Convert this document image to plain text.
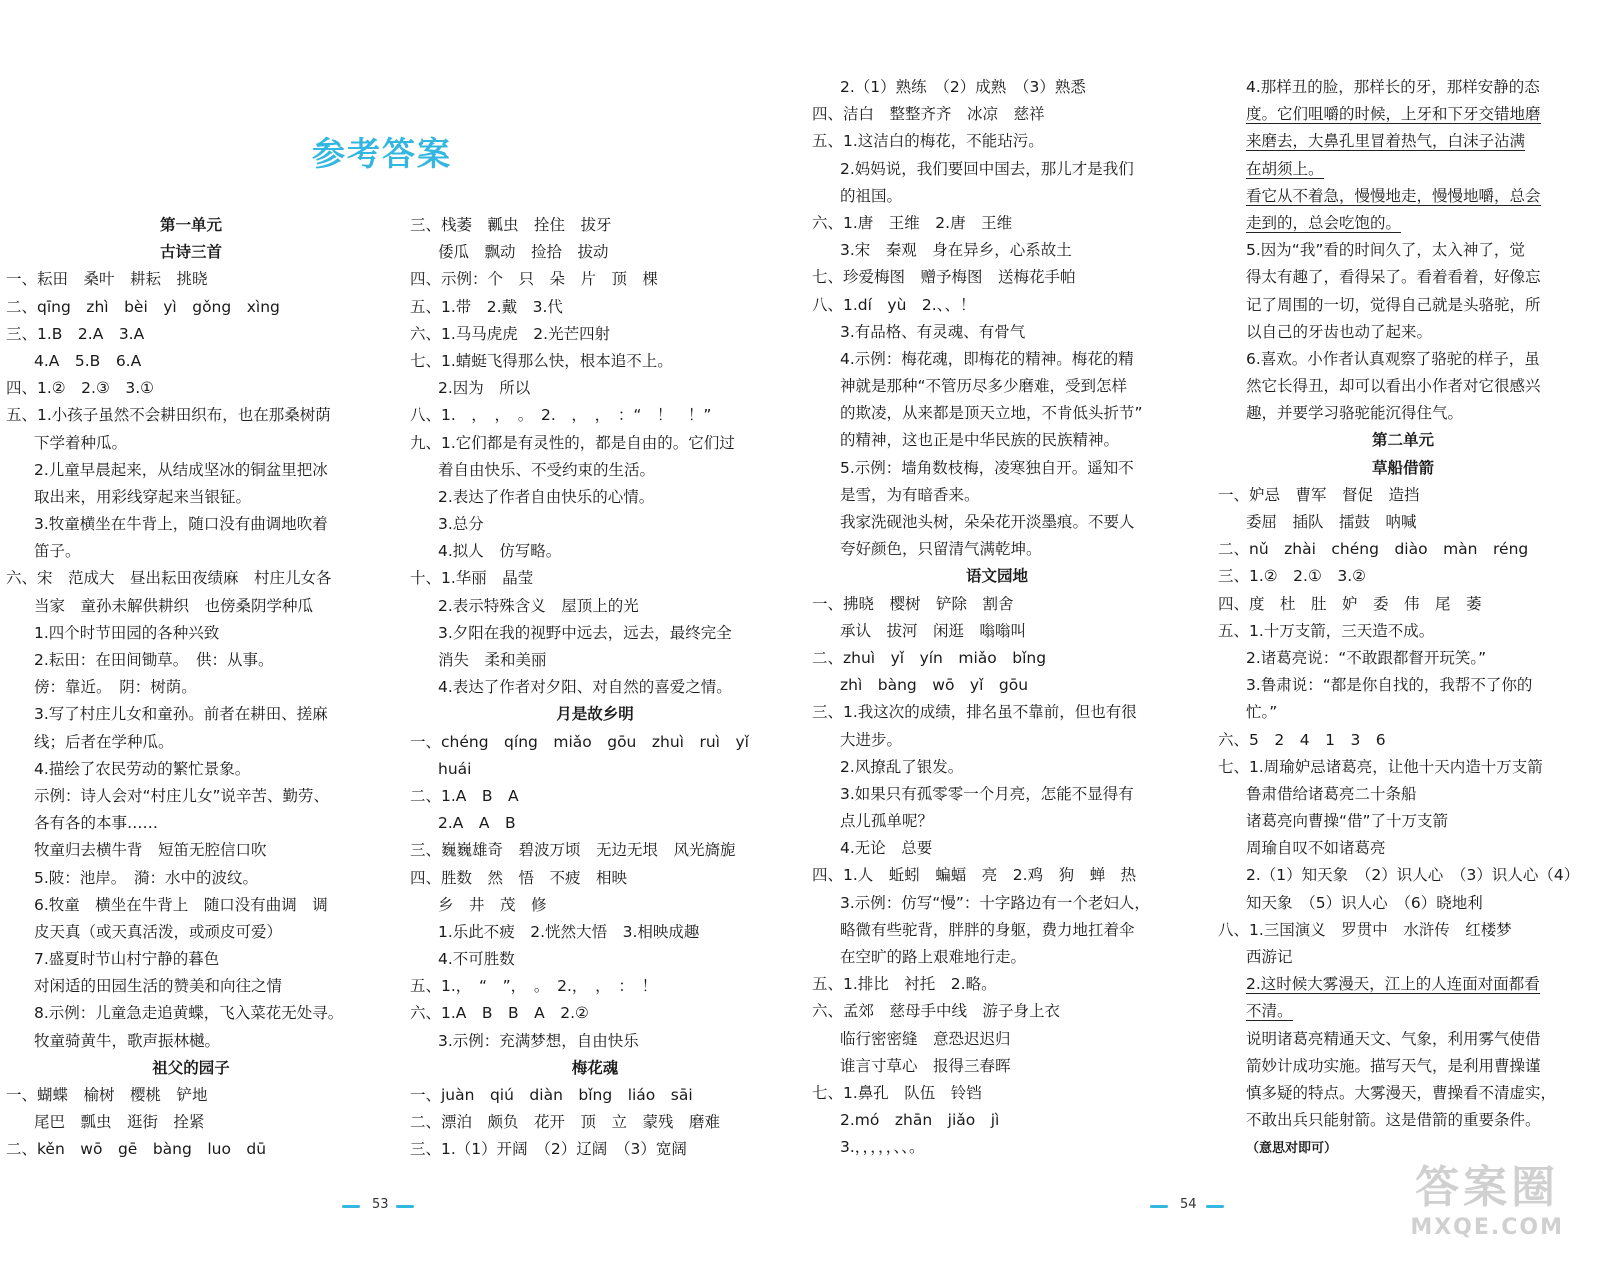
参考答案
第一单元
古诗三首
一、耘田　桑叶　耕耘　挑晓
二、qīng　zhì　bèi　yì　gǒng　xìng
三、1.B　2.A　3.A
4.A　5.B　6.A
四、1.②　2.③　3.①
五、1.小孩子虽然不会耕田织布，也在那桑树荫
下学着种瓜。
2.儿童早晨起来，从结成坚冰的铜盆里把冰
取出来，用彩线穿起来当银钲。
3.牧童横坐在牛背上，随口没有曲调地吹着
笛子。
六、宋　范成大　昼出耘田夜绩麻　村庄儿女各
当家　童孙未解供耕织　也傍桑阴学种瓜
1.四个时节田园的各种兴致
2.耘田：在田间锄草。　供：从事。
傍：靠近。　阴：树荫。
3.写了村庄儿女和童孙。前者在耕田、搓麻
线；后者在学种瓜。
4.描绘了农民劳动的繁忙景象。
示例：诗人会对“村庄儿女”说辛苦、勤劳、
各有各的本事……
牧童归去横牛背　短笛无腔信口吹
5.陂：池岸。　漪：水中的波纹。
6.牧童　横坐在牛背上　随口没有曲调　调
皮天真（或天真活泼，或顽皮可爱）
7.盛夏时节山村宁静的暮色
对闲适的田园生活的赞美和向往之情
8.示例：儿童急走追黄蝶，飞入菜花无处寻。
牧童骑黄牛，歌声振林樾。
祖父的园子
一、蝴蝶　榆树　樱桃　铲地
尾巴　瓢虫　逛街　拴紧
二、kěn　wō　gē　bàng　luo　dū
三、栈萎　瓤虫　拴住　拔牙
倭瓜　飘动　捡拾　拔动
四、示例：个　只　朵　片　顶　棵
五、1.带　2.戴　3.代
六、1.马马虎虎　2.光芒四射
七、1.蜻蜓飞得那么快，根本追不上。
2.因为　所以
八、1.　，　，　。　2.　，　，　：“　！　！”
九、1.它们都是有灵性的，都是自由的。它们过
着自由快乐、不受约束的生活。
2.表达了作者自由快乐的心情。
3.总分
4.拟人　仿写略。
十、1.华丽　晶莹
2.表示特殊含义　屋顶上的光
3.夕阳在我的视野中远去，远去，最终完全
消失　柔和美丽
4.表达了作者对夕阳、对自然的喜爱之情。
月是故乡明
一、chéng　qíng　miǎo　gōu　zhuì　ruì　yǐ
huái
二、1.A　B　A
2.A　A　B
三、巍巍雄奇　碧波万顷　无边无垠　风光旖旎
四、胜数　然　悟　不疲　相映
乡　井　茂　修
1.乐此不疲　2.恍然大悟　3.相映成趣
4.不可胜数
五、1.，　“　”，　。　2.，　，　：　！
六、1.A　B　B　A　2.②
3.示例：充满梦想，自由快乐
梅花魂
一、juàn　qiú　diàn　bǐng　liáo　sāi
二、漂泊　颇负　花开　顶　立　蒙残　磨难
三、1.（1）开阔　（2）辽阔　（3）宽阔
2.（1）熟练　（2）成熟　（3）熟悉
四、洁白　整整齐齐　冰凉　慈祥
五、1.这洁白的梅花，不能玷污。
2.妈妈说，我们要回中国去，那儿才是我们
的祖国。
六、1.唐　王维　2.唐　王维
3.宋　秦观　身在异乡，心系故土
七、珍爱梅图　赠予梅图　送梅花手帕
八、1.dí　yù　2.、、！
3.有品格、有灵魂、有骨气
4.示例：梅花魂，即梅花的精神。梅花的精
神就是那种“不管历尽多少磨难，受到怎样
的欺凌，从来都是顶天立地，不肯低头折节”
的精神，这也正是中华民族的民族精神。
5.示例：墙角数枝梅，凌寒独自开。遥知不
是雪，为有暗香来。
我家洗砚池头树，朵朵花开淡墨痕。不要人
夸好颜色，只留清气满乾坤。
语文园地
一、拂晓　樱树　铲除　割舍
承认　拔河　闲逛　嗡嗡叫
二、zhuì　yǐ　yín　miǎo　bǐng
zhì　bàng　wō　yǐ　gōu
三、1.我这次的成绩，排名虽不靠前，但也有很
大进步。
2.风撩乱了银发。
3.如果只有孤零零一个月亮，怎能不显得有
点儿孤单呢？
4.无论　总要
四、1.人　蚯蚓　蝙蝠　亮　2.鸡　狗　蝉　热
3.示例：仿写“慢”：十字路边有一个老妇人，
略微有些驼背，胖胖的身躯，费力地扛着伞
在空旷的路上艰难地行走。
五、1.排比　衬托　2.略。
六、孟郊　慈母手中线　游子身上衣
临行密密缝　意恐迟迟归
谁言寸草心　报得三春晖
七、1.鼻孔　队伍　铃铛
2.mó　zhān　jiǎo　jì
3.，，，，，、、。
4.那样丑的脸，那样长的牙，那样安静的态
度。它们咀嚼的时候，上牙和下牙交错地磨
来磨去，大鼻孔里冒着热气，白沫子沾满
在胡须上。
看它从不着急，慢慢地走，慢慢地嚼，总会
走到的，总会吃饱的。
5.因为“我”看的时间久了，太入神了，觉
得太有趣了，看得呆了。看着看着，好像忘
记了周围的一切，觉得自己就是头骆驼，所
以自己的牙齿也动了起来。
6.喜欢。小作者认真观察了骆驼的样子，虽
然它长得丑，却可以看出小作者对它很感兴
趣，并要学习骆驼能沉得住气。
第二单元
草船借箭
一、妒忌　曹军　督促　造挡
委屈　插队　擂鼓　呐喊
二、nǔ　zhài　chéng　diào　màn　réng
三、1.②　2.①　3.②
四、度　杜　肚　妒　委　伟　尾　萎
五、1.十万支箭，三天造不成。
2.诸葛亮说：“不敢跟都督开玩笑。”
3.鲁肃说：“都是你自找的，我帮不了你的
忙。”
六、5　2　4　1　3　6
七、1.周瑜妒忌诸葛亮，让他十天内造十万支箭
鲁肃借给诸葛亮二十条船
诸葛亮向曹操“借”了十万支箭
周瑜自叹不如诸葛亮
2.（1）知天象　（2）识人心　（3）识人心（4）
知天象　（5）识人心　（6）晓地利
八、1.三国演义　罗贯中　水浒传　红楼梦
西游记
2.这时候大雾漫天，江上的人连面对面都看
不清。
说明诸葛亮精通天文、气象，利用雾气使借
箭妙计成功实施。描写天气，是利用曹操谨
慎多疑的特点。大雾漫天，曹操看不清虚实，
不敢出兵只能射箭。这是借箭的重要条件。
（意思对即可）
53	54	答案圈
MXQE.COM
